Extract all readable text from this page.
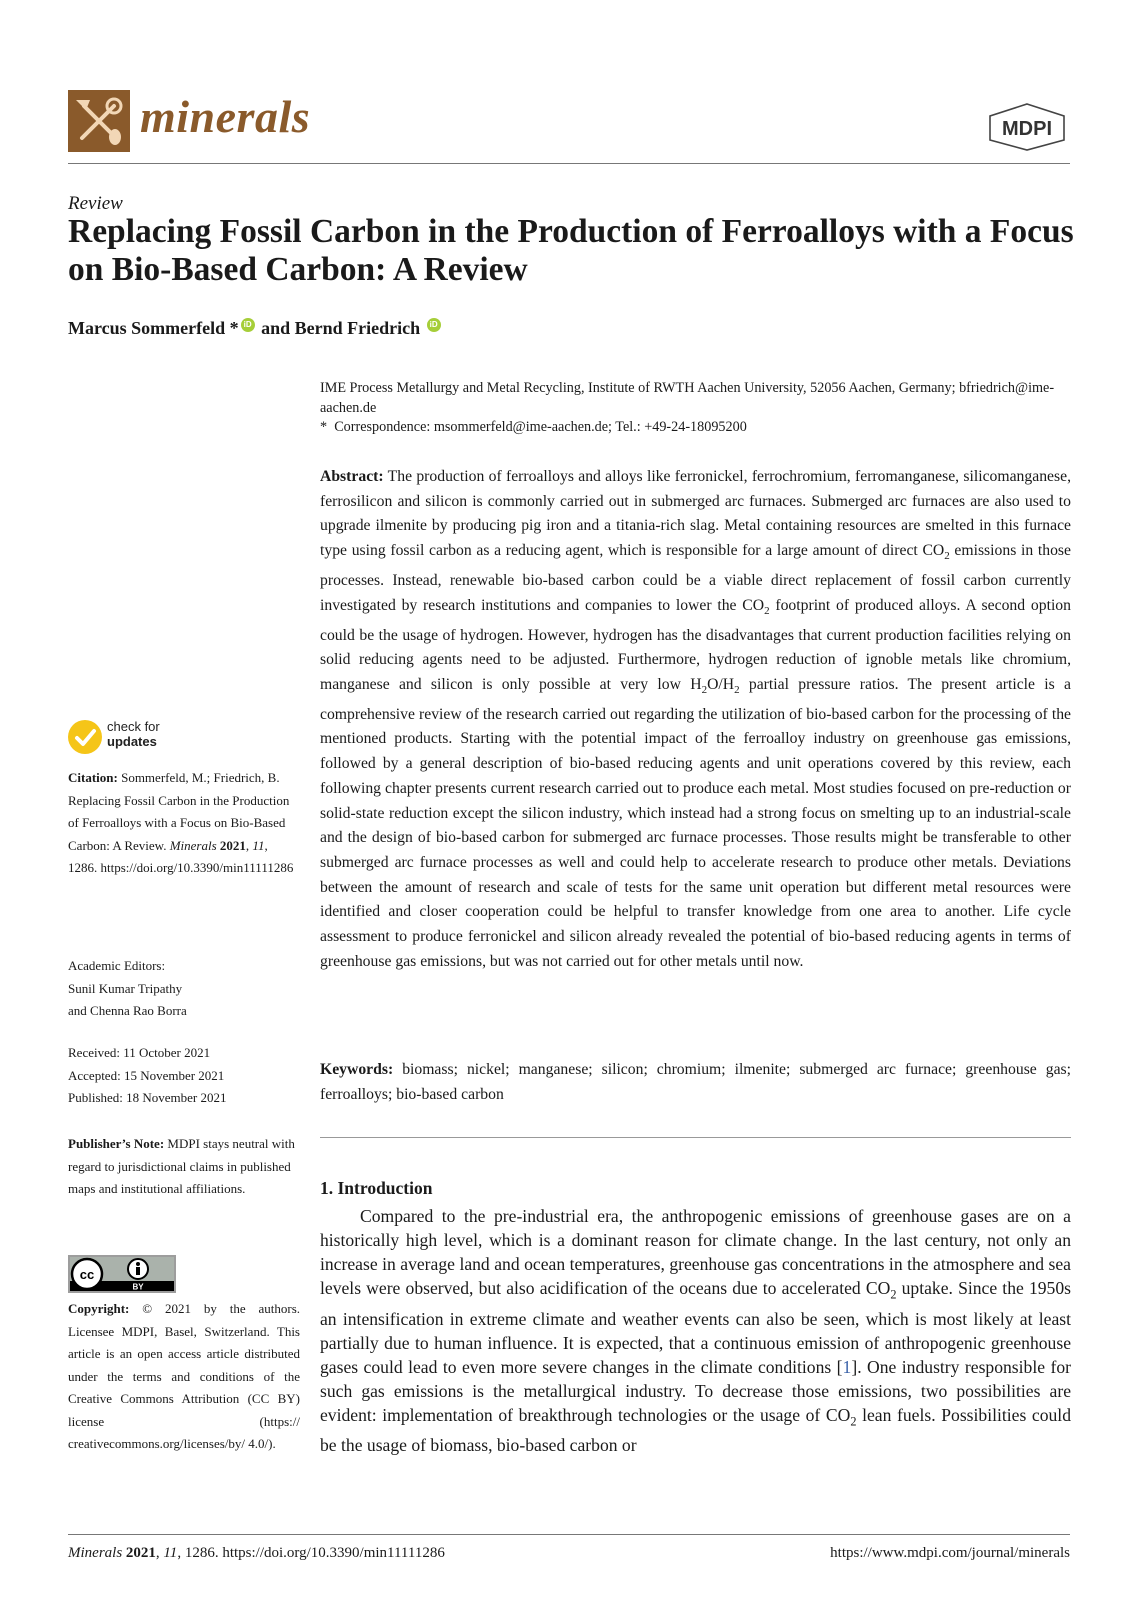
minerals	MDPI
Review
Replacing Fossil Carbon in the Production of Ferroalloys with a Focus on Bio-Based Carbon: A Review
Marcus Sommerfeld * iD and Bernd Friedrich iD
IME Process Metallurgy and Metal Recycling, Institute of RWTH Aachen University, 52056 Aachen, Germany; bfriedrich@ime-aachen.de
* Correspondence: msommerfeld@ime-aachen.de; Tel.: +49-24-18095200
Abstract: The production of ferroalloys and alloys like ferronickel, ferrochromium, ferromanganese, silicomanganese, ferrosilicon and silicon is commonly carried out in submerged arc furnaces. Submerged arc furnaces are also used to upgrade ilmenite by producing pig iron and a titania-rich slag. Metal containing resources are smelted in this furnace type using fossil carbon as a reducing agent, which is responsible for a large amount of direct $CO_2$ emissions in those processes. Instead, renewable bio-based carbon could be a viable direct replacement of fossil carbon currently investigated by research institutions and companies to lower the $CO_2$ footprint of produced alloys. A second option could be the usage of hydrogen. However, hydrogen has the disadvantages that current production facilities relying on solid reducing agents need to be adjusted. Furthermore, hydrogen reduction of ignoble metals like chromium, manganese and silicon is only possible at very low $H_2O/H_2$ partial pressure ratios. The present article is a comprehensive review of the research carried out regarding the utilization of bio-based carbon for the processing of the mentioned products. Starting with the potential impact of the ferroalloy industry on greenhouse gas emissions, followed by a general description of bio-based reducing agents and unit operations covered by this review, each following chapter presents current research carried out to produce each metal. Most studies focused on pre-reduction or solid-state reduction except the silicon industry, which instead had a strong focus on smelting up to an industrial-scale and the design of bio-based carbon for submerged arc furnace processes. Those results might be transferable to other submerged arc furnace processes as well and could help to accelerate research to produce other metals. Deviations between the amount of research and scale of tests for the same unit operation but different metal resources were identified and closer cooperation could be helpful to transfer knowledge from one area to another. Life cycle assessment to produce ferronickel and silicon already revealed the potential of bio-based reducing agents in terms of greenhouse gas emissions, but was not carried out for other metals until now.
Keywords: biomass; nickel; manganese; silicon; chromium; ilmenite; submerged arc furnace; greenhouse gas; ferroalloys; bio-based carbon
1. Introduction
Compared to the pre-industrial era, the anthropogenic emissions of greenhouse gases are on a historically high level, which is a dominant reason for climate change. In the last century, not only an increase in average land and ocean temperatures, greenhouse gas concentrations in the atmosphere and sea levels were observed, but also acidification of the oceans due to accelerated $CO_2$ uptake. Since the 1950s an intensification in extreme climate and weather events can also be seen, which is most likely at least partially due to human influence. It is expected, that a continuous emission of anthropogenic greenhouse gases could lead to even more severe changes in the climate conditions [1]. One industry responsible for such gas emissions is the metallurgical industry. To decrease those emissions, two possibilities are evident: implementation of breakthrough technologies or the usage of $CO_2$ lean fuels. Possibilities could be the usage of biomass, bio-based carbon or
check for
updates
Citation: Sommerfeld, M.; Friedrich, B. Replacing Fossil Carbon in the Production of Ferroalloys with a Focus on Bio-Based Carbon: A Review. Minerals 2021, 11, 1286. https://doi.org/10.3390/min11111286
Academic Editors:
Sunil Kumar Tripathy
and Chenna Rao Borra
Received: 11 October 2021
Accepted: 15 November 2021
Published: 18 November 2021
Publisher’s Note: MDPI stays neutral with regard to jurisdictional claims in published maps and institutional affiliations.
cc
BY
Copyright: © 2021 by the authors. Licensee MDPI, Basel, Switzerland. This article is an open access article distributed under the terms and conditions of the Creative Commons Attribution (CC BY) license (https:// creativecommons.org/licenses/by/ 4.0/).
Minerals 2021, 11, 1286. https://doi.org/10.3390/min11111286	https://www.mdpi.com/journal/minerals
